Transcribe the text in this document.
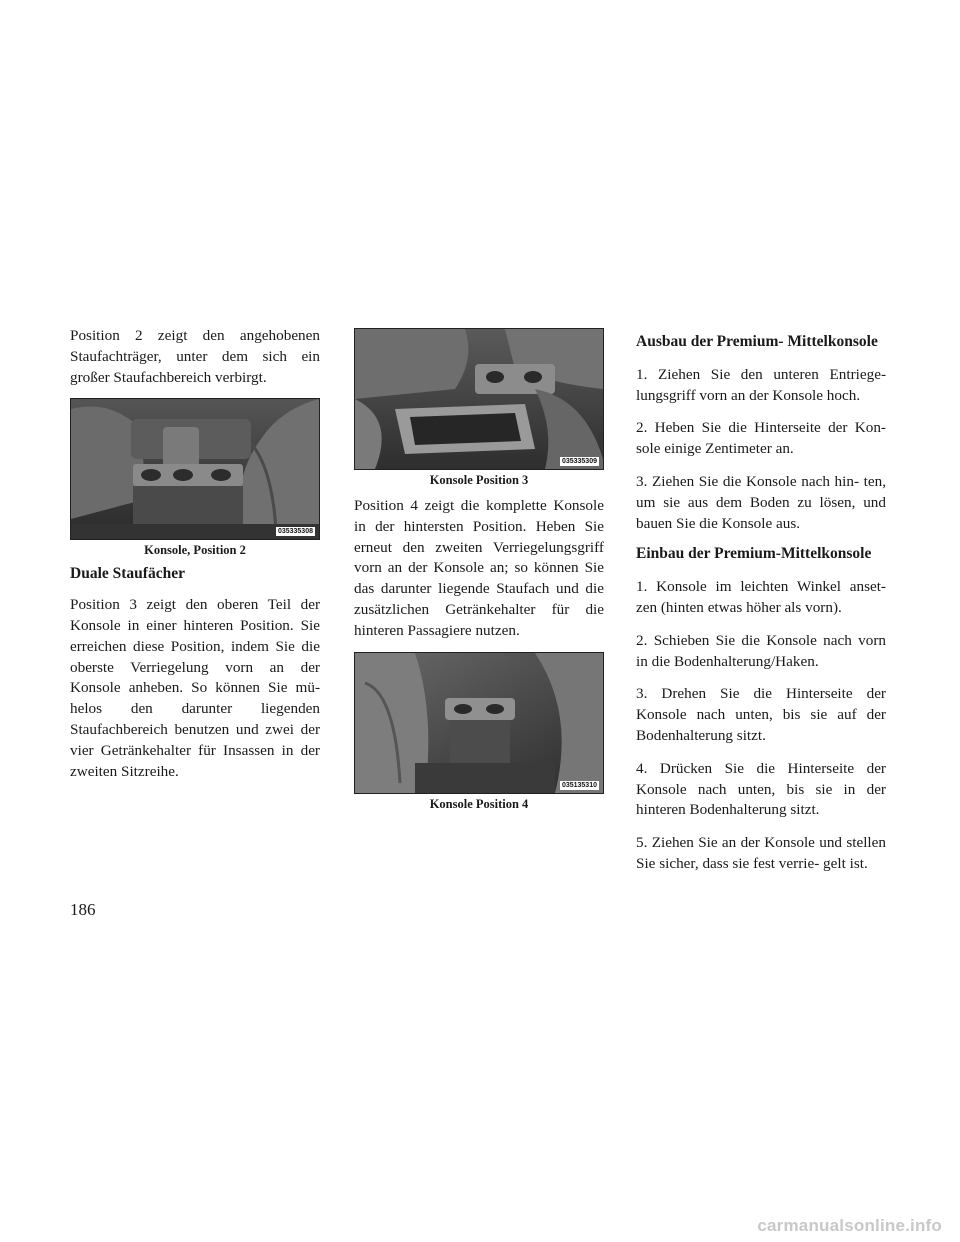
Position 2 zeigt den angehobenen Staufachträger, unter dem sich ein großer Staufachbereich verbirgt.

035335308
Konsole, Position 2
Duale Staufächer

Position 3 zeigt den oberen Teil der Konsole in einer hinteren Position. Sie erreichen diese Position, indem Sie die oberste Verriegelung vorn an der Konsole anheben. So können Sie mü- helos den darunter liegenden Staufachbereich benutzen und zwei der vier Getränkehalter für Insassen in der zweiten Sitzreihe.

035335309
Konsole Position 3

Position 4 zeigt die komplette Konsole in der hintersten Position. Heben Sie erneut den zweiten Verriegelungsgriff vorn an der Konsole an; so können Sie das darunter liegende Staufach und die zusätzlichen Getränkehalter für die hinteren Passagiere nutzen.

035135310
Konsole Position 4
Ausbau der Premium- Mittelkonsole

1. Ziehen Sie den unteren Entriege- lungsgriff vorn an der Konsole hoch.

2. Heben Sie die Hinterseite der Kon- sole einige Zentimeter an.

3. Ziehen Sie die Konsole nach hin- ten, um sie aus dem Boden zu lösen, und bauen Sie die Konsole aus.

Einbau der Premium-Mittelkonsole

1. Konsole im leichten Winkel anset- zen (hinten etwas höher als vorn).

2. Schieben Sie die Konsole nach vorn in die Bodenhalterung/Haken.

3. Drehen Sie die Hinterseite der Konsole nach unten, bis sie auf der Bodenhalterung sitzt.

4. Drücken Sie die Hinterseite der Konsole nach unten, bis sie in der hinteren Bodenhalterung sitzt.

5. Ziehen Sie an der Konsole und stellen Sie sicher, dass sie fest verrie- gelt ist.

186
carmanualsonline.info
